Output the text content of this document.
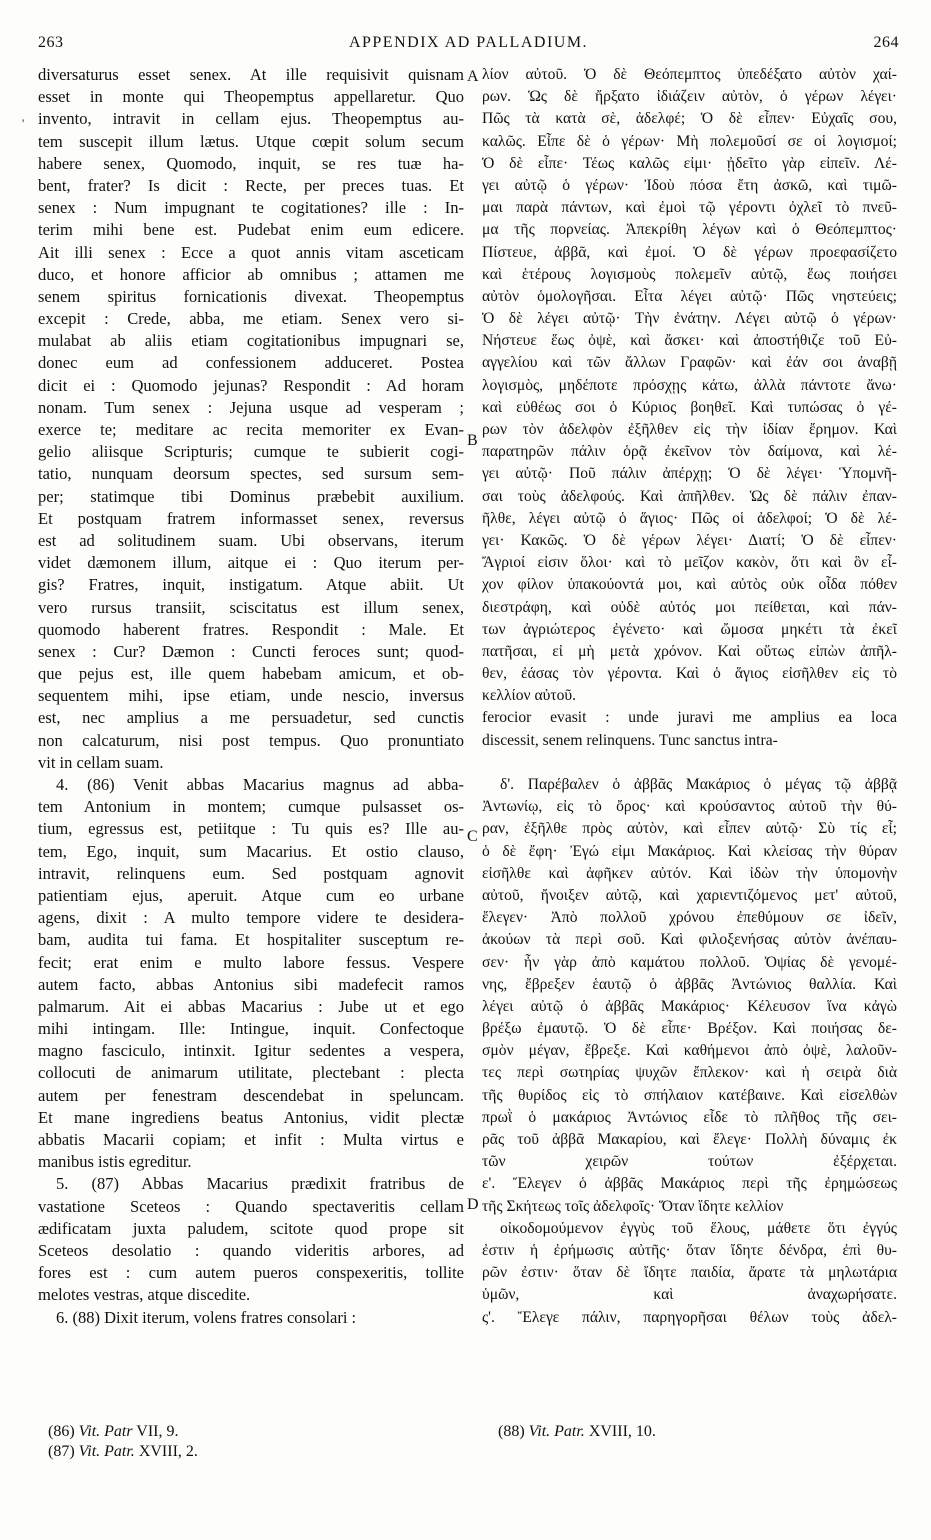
263	APPENDIX AD PALLADIUM.	264
'
diversaturus esset senex. At ille requisivit quisnam
esset in monte qui Theopemptus appellaretur. Quo
invento, intravit in cellam ejus. Theopemptus au-
tem suscepit illum lætus. Utque cœpit solum secum
habere senex, Quomodo, inquit, se res tuæ ha-
bent, frater? Is dicit : Recte, per preces tuas. Et
senex : Num impugnant te cogitationes? ille : In-
terim mihi bene est. Pudebat enim eum edicere.
Ait illi senex : Ecce a quot annis vitam asceticam
duco, et honore afficior ab omnibus ; attamen me
senem spiritus fornicationis divexat. Theopemptus
excepit : Crede, abba, me etiam. Senex vero si-
mulabat ab aliis etiam cogitationibus impugnari se,
donec eum ad confessionem adduceret. Postea
dicit ei : Quomodo jejunas? Respondit : Ad horam
nonam. Tum senex : Jejuna usque ad vesperam ;
exerce te; meditare ac recita memoriter ex Evan-
gelio aliisque Scripturis; cumque te subierit cogi-
tatio, nunquam deorsum spectes, sed sursum sem-
per; statimque tibi Dominus præbebit auxilium.
Et postquam fratrem informasset senex, reversus
est ad solitudinem suam. Ubi observans, iterum
videt dæmonem illum, aitque ei : Quo iterum per-
gis? Fratres, inquit, instigatum. Atque abiit. Ut
vero rursus transiit, sciscitatus est illum senex,
quomodo haberent fratres. Respondit : Male. Et
senex : Cur? Dæmon : Cuncti feroces sunt; quod-
que pejus est, ille quem habebam amicum, et ob-
sequentem mihi, ipse etiam, unde nescio, inversus
est, nec amplius a me persuadetur, sed cunctis
non calcaturum, nisi post tempus. Quo pronuntiato
vit in cellam suam.
4. (86) Venit abbas Macarius magnus ad abba-
tem Antonium in montem; cumque pulsasset os-
tium, egressus est, petiitque : Tu quis es? Ille au-
tem, Ego, inquit, sum Macarius. Et ostio clauso,
intravit, relinquens eum. Sed postquam agnovit
patientiam ejus, aperuit. Atque cum eo urbane
agens, dixit : A multo tempore videre te desidera-
bam, audita tui fama. Et hospitaliter susceptum re-
fecit; erat enim e multo labore fessus. Vespere
autem facto, abbas Antonius sibi madefecit ramos
palmarum. Ait ei abbas Macarius : Jube ut et ego
mihi intingam. Ille: Intingue, inquit. Confectoque
magno fasciculo, intinxit. Igitur sedentes a vespera,
collocuti de animarum utilitate, plectebant : plecta
autem per fenestram descendebat in speluncam.
Et mane ingrediens beatus Antonius, vidit plectæ
abbatis Macarii copiam; et infit : Multa virtus e
manibus istis egreditur.
5. (87) Abbas Macarius prædixit fratribus de
vastatione Sceteos : Quando spectaveritis cellam
ædificatam juxta paludem, scitote quod prope sit
Sceteos desolatio : quando videritis arbores, ad
fores est : cum autem pueros conspexeritis, tollite
melotes vestras, atque discedite.
6. (88) Dixit iterum, volens fratres consolari :
λίον αὐτοῦ. Ὁ δὲ Θεόπεμπτος ὑπεδέξατο αὐτὸν χαί-
ρων. Ὡς δὲ ἤρξατο ἰδιάζειν αὐτὸν, ὁ γέρων λέγει·
Πῶς τὰ κατὰ σὲ, ἀδελφέ; Ὁ δὲ εἶπεν· Εὐχαῖς σου,
καλῶς. Εἶπε δὲ ὁ γέρων· Μὴ πολεμοῦσί σε οἱ λογισμοί;
Ὁ δὲ εἶπε· Τέως καλῶς εἰμι· ᾐδεῖτο γὰρ εἰπεῖν. Λέ-
γει αὐτῷ ὁ γέρων· Ἰδοὺ πόσα ἔτη ἀσκῶ, καὶ τιμῶ-
μαι παρὰ πάντων, καὶ ἐμοὶ τῷ γέροντι ὀχλεῖ τὸ πνεῦ-
μα τῆς πορνείας. Ἀπεκρίθη λέγων καὶ ὁ Θεόπεμπτος·
Πίστευε, ἀββᾶ, καὶ ἐμοί. Ὁ δὲ γέρων προεφασίζετο
καὶ ἑτέρους λογισμοὺς πολεμεῖν αὐτῷ, ἕως ποιήσει
αὐτὸν ὁμολογῆσαι. Εἶτα λέγει αὐτῷ· Πῶς νηστεύεις;
Ὁ δὲ λέγει αὐτῷ· Τὴν ἐνάτην. Λέγει αὐτῷ ὁ γέρων·
Νήστευε ἕως ὀψὲ, καὶ ἄσκει· καὶ ἀποστήθιζε τοῦ Εὐ-
αγγελίου καὶ τῶν ἄλλων Γραφῶν· καὶ ἐάν σοι ἀναβῇ
λογισμὸς, μηδέποτε πρόσχῃς κάτω, ἀλλὰ πάντοτε ἄνω·
καὶ εὐθέως σοι ὁ Κύριος βοηθεῖ. Καὶ τυπώσας ὁ γέ-
ρων τὸν ἀδελφὸν ἐξῆλθεν εἰς τὴν ἰδίαν ἔρημον. Καὶ
παρατηρῶν πάλιν ὁρᾷ ἐκεῖνον τὸν δαίμονα, καὶ λέ-
γει αὐτῷ· Ποῦ πάλιν ἀπέρχῃ; Ὁ δὲ λέγει· Ὑπομνῆ-
σαι τοὺς ἀδελφούς. Καὶ ἀπῆλθεν. Ὡς δὲ πάλιν ἐπαν-
ῆλθε, λέγει αὐτῷ ὁ ἅγιος· Πῶς οἱ ἀδελφοί; Ὁ δὲ λέ-
γει· Κακῶς. Ὁ δὲ γέρων λέγει· Διατί; Ὁ δὲ εἶπεν·
Ἄγριοί εἰσιν ὅλοι· καὶ τὸ μεῖζον κακὸν, ὅτι καὶ ὃν εἶ-
χον φίλον ὑπακούοντά μοι, καὶ αὐτὸς οὐκ οἶδα πόθεν
διεστράφη, καὶ οὐδὲ αὐτός μοι πείθεται, καὶ πάν-
των ἀγριώτερος ἐγένετο· καὶ ὤμοσα μηκέτι τὰ ἐκεῖ
πατῆσαι, εἰ μὴ μετὰ χρόνον. Καὶ οὕτως εἰπὼν ἀπῆλ-
θεν, ἐάσας τὸν γέροντα. Καὶ ὁ ἅγιος εἰσῆλθεν εἰς τὸ
κελλίον αὐτοῦ.
ferocior evasit : unde juravi me amplius ea loca
discessit, senem relinquens. Tunc sanctus intra-
δ'. Παρέβαλεν ὁ ἀββᾶς Μακάριος ὁ μέγας τῷ ἀββᾷ
Ἀντωνίῳ, εἰς τὸ ὄρος· καὶ κρούσαντος αὐτοῦ τὴν θύ-
ραν, ἐξῆλθε πρὸς αὐτὸν, καὶ εἶπεν αὐτῷ· Σὺ τίς εἶ;
ὁ δὲ ἔφη· Ἐγώ εἰμι Μακάριος. Καὶ κλείσας τὴν θύραν
εἰσῆλθε καὶ ἀφῆκεν αὐτόν. Καὶ ἰδὼν τὴν ὑπομονὴν
αὐτοῦ, ἤνοιξεν αὐτῷ, καὶ χαριεντιζόμενος μετ' αὐτοῦ,
ἔλεγεν· Ἀπὸ πολλοῦ χρόνου ἐπεθύμουν σε ἰδεῖν,
ἀκούων τὰ περὶ σοῦ. Καὶ φιλοξενήσας αὐτὸν ἀνέπαυ-
σεν· ἦν γὰρ ἀπὸ καμάτου πολλοῦ. Ὀψίας δὲ γενομέ-
νης, ἔβρεξεν ἑαυτῷ ὁ ἀββᾶς Ἀντώνιος θαλλία. Καὶ
λέγει αὐτῷ ὁ ἀββᾶς Μακάριος· Κέλευσον ἵνα κἀγὼ
βρέξω ἐμαυτῷ. Ὁ δὲ εἶπε· Βρέξον. Καὶ ποιήσας δε-
σμὸν μέγαν, ἔβρεξε. Καὶ καθήμενοι ἀπὸ ὀψὲ, λαλοῦν-
τες περὶ σωτηρίας ψυχῶν ἔπλεκον· καὶ ἡ σειρὰ διὰ
τῆς θυρίδος εἰς τὸ σπήλαιον κατέβαινε. Καὶ εἰσελθὼν
πρωῒ ὁ μακάριος Ἀντώνιος εἶδε τὸ πλῆθος τῆς σει-
ρᾶς τοῦ ἀββᾶ Μακαρίου, καὶ ἔλεγε· Πολλὴ δύναμις ἐκ
τῶν χειρῶν τούτων ἐξέρχεται.
ε'. Ἔλεγεν ὁ ἀββᾶς Μακάριος περὶ τῆς ἐρημώσεως
τῆς Σκήτεως τοῖς ἀδελφοῖς· Ὅταν ἴδητε κελλίον
οἰκοδομούμενον ἐγγὺς τοῦ ἕλους, μάθετε ὅτι ἐγγύς
ἐστιν ἡ ἐρήμωσις αὐτῆς· ὅταν ἴδητε δένδρα, ἐπὶ θυ-
ρῶν ἐστιν· ὅταν δὲ ἴδητε παιδία, ἄρατε τὰ μηλωτάρια
ὑμῶν, καὶ ἀναχωρήσατε.
ς'. Ἔλεγε πάλιν, παρηγορῆσαι θέλων τοὺς ἀδελ-
A
B
C
D
(86) Vit. Patr VII, 9.
(87) Vit. Patr. XVIII, 2.
(88) Vit. Patr. XVIII, 10.
